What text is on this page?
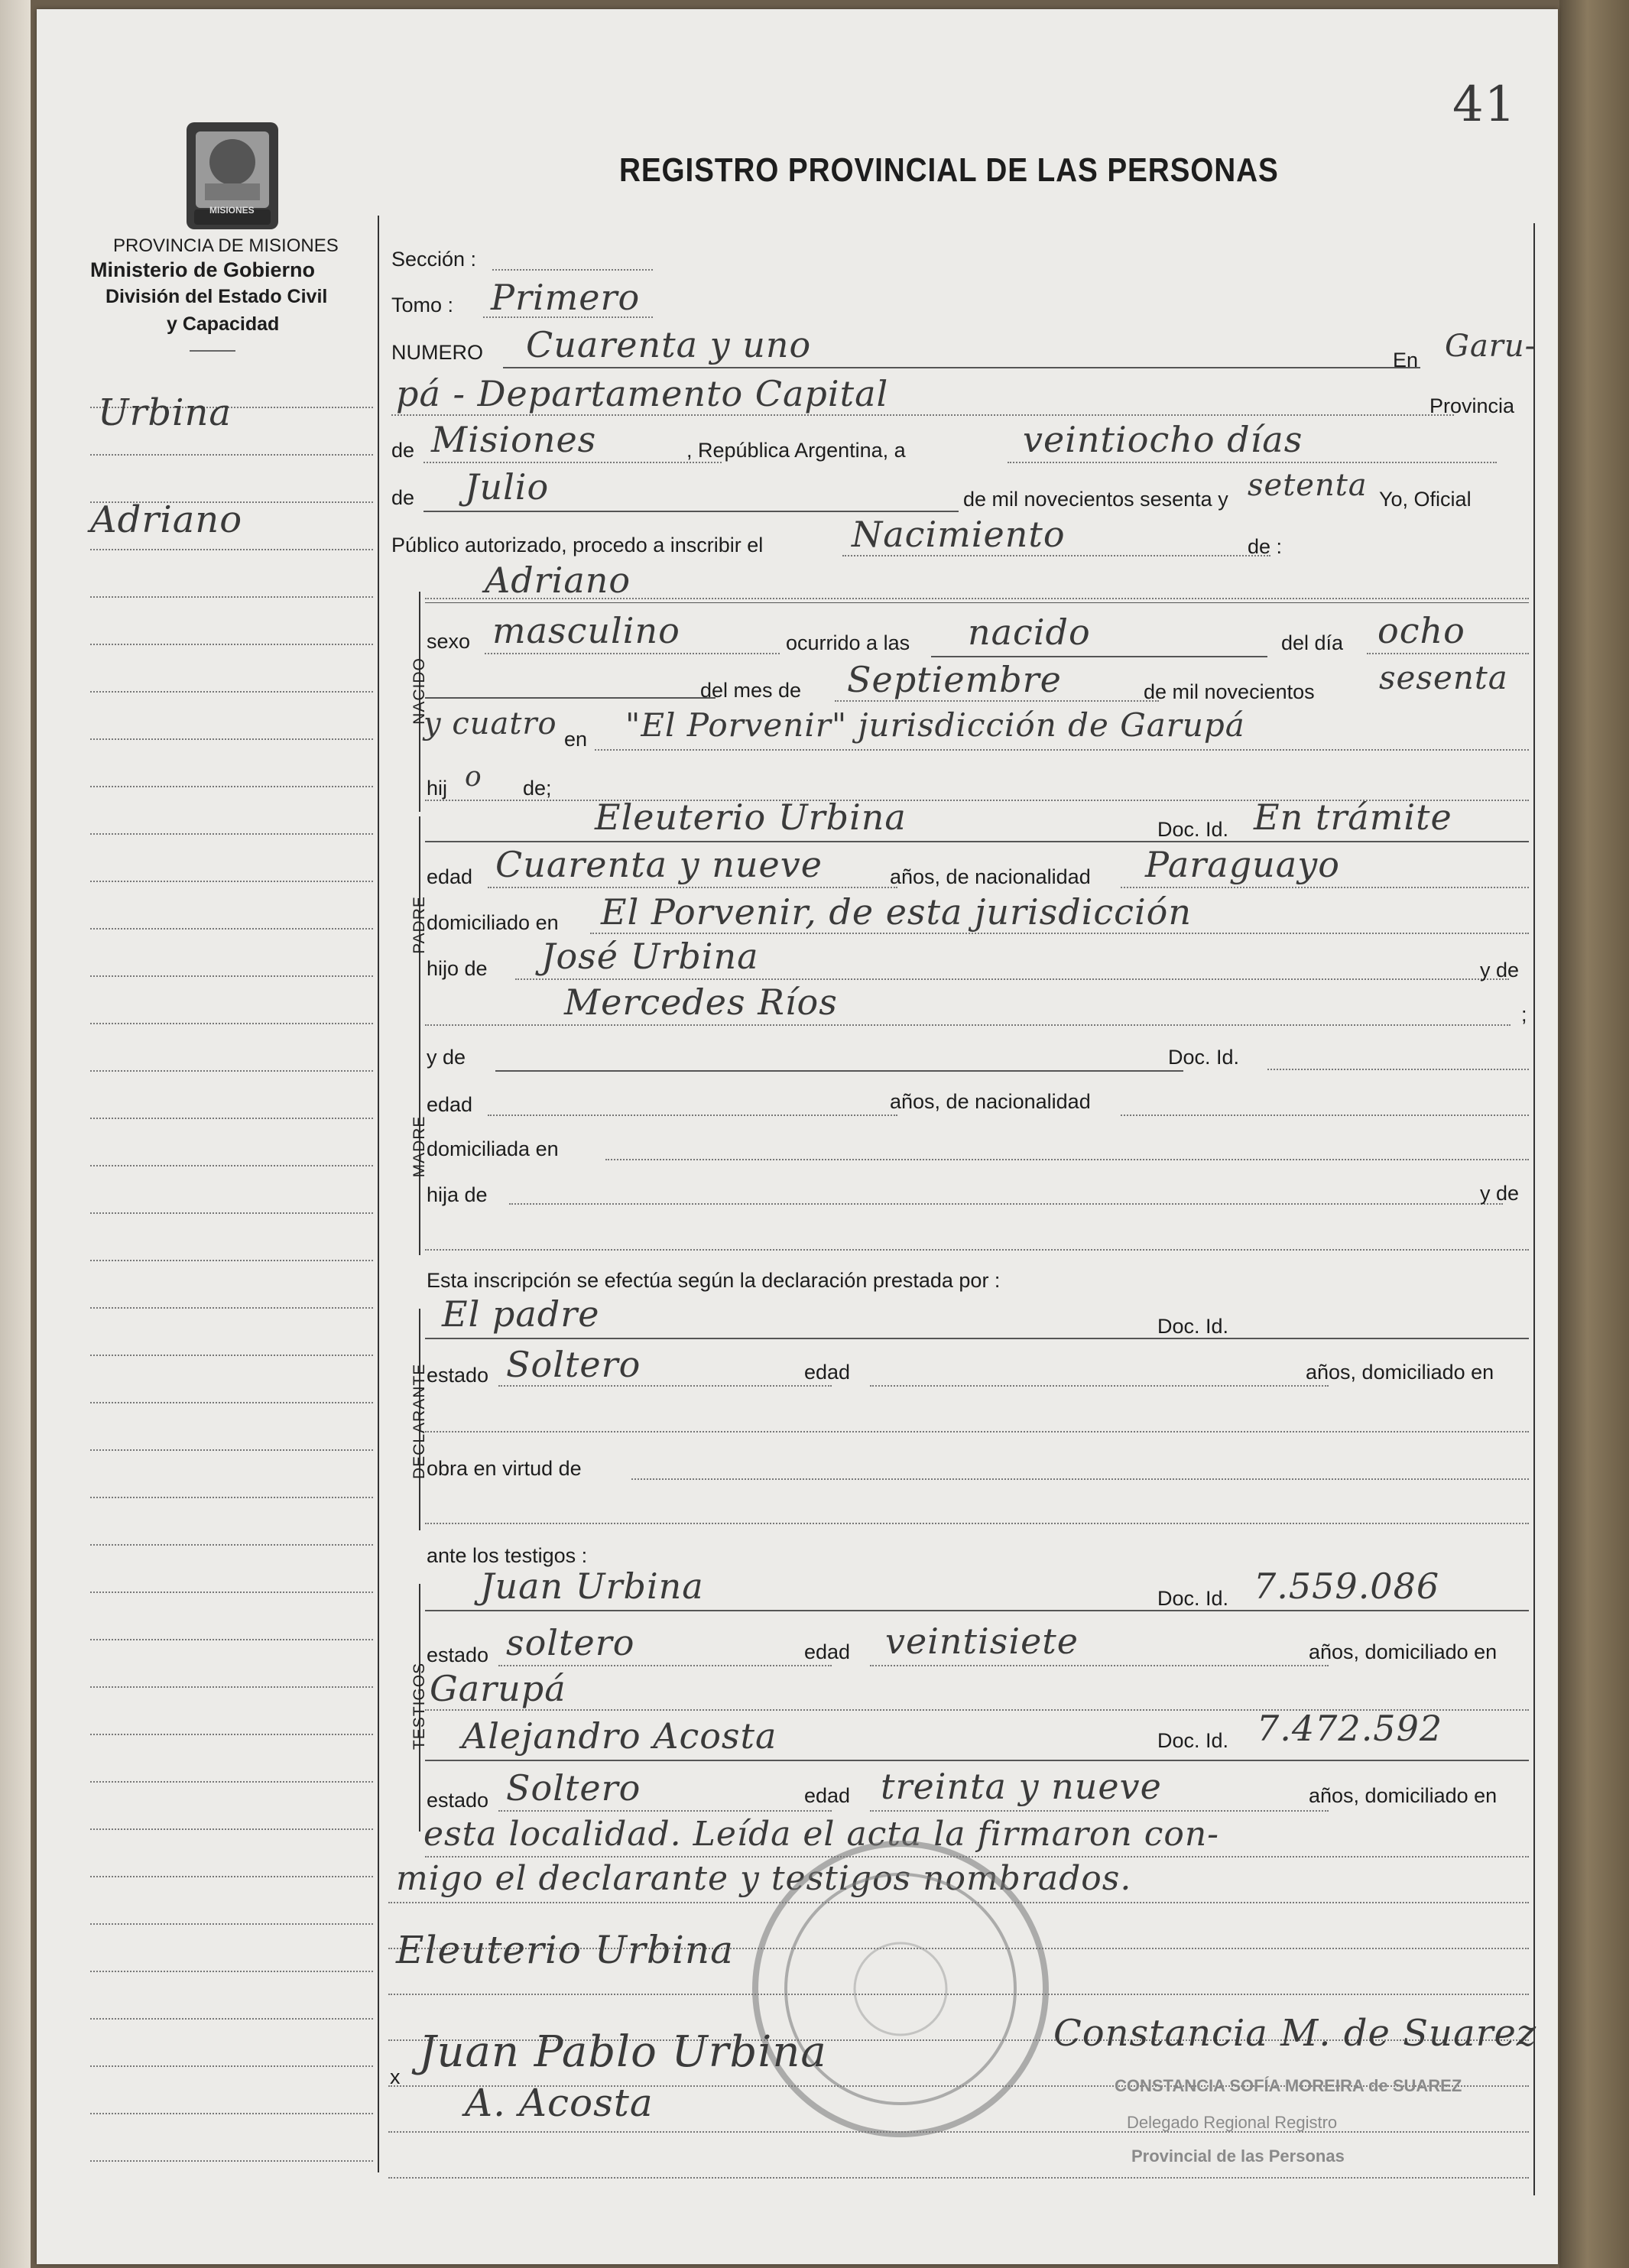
41
MISIONES
REGISTRO PROVINCIAL DE LAS PERSONAS
PROVINCIA DE MISIONES
Ministerio de Gobierno
División del Estado Civil
y Capacidad
Urbina
Adriano
Sección :
Tomo : Primero
NUMERO Cuarenta y uno	En Garu-
pá - Departamento Capital	Provincia
de Misiones	, República Argentina, a	veintiocho días
de Julio	de mil novecientos sesenta y setenta Yo, Oficial
Público autorizado, procedo a inscribir el	Nacimiento	de :
NACIDO
Adriano
sexo masculino	ocurrido a las nacido	del día ocho
del mes de Septiembre	de mil novecientos sesenta
y cuatro en "El Porvenir" jurisdicción de Garupá
hij o de;
PADRE
Eleuterio Urbina	Doc. Id. En trámite
edad Cuarenta y nueve	años, de nacionalidad Paraguayo
domiciliado en El Porvenir, de esta jurisdicción
hijo de José Urbina	y de
Mercedes Ríos	;
MADRE
y de	Doc. Id.
edad	años, de nacionalidad
domiciliada en
hija de	y de
Esta inscripción se efectúa según la declaración prestada por :
DECLARANTE
El padre	Doc. Id.
estado Soltero	edad	años, domiciliado en
obra en virtud de
ante los testigos :
TESTIGOS
Juan Urbina	Doc. Id. 7.559.086
estado soltero	edad veintisiete	años, domiciliado en
Garupá
Alejandro Acosta	Doc. Id. 7.472.592
estado Soltero	edad treinta y nueve	años, domiciliado en
esta localidad. Leída el acta la firmaron con-
migo el declarante y testigos nombrados.
Eleuterio Urbina
x Juan Pablo Urbina
A. Acosta
Constancia M. de Suarez
CONSTANCIA SOFÍA MOREIRA de SUAREZ
Delegado Regional Registro
Provincial de las Personas
